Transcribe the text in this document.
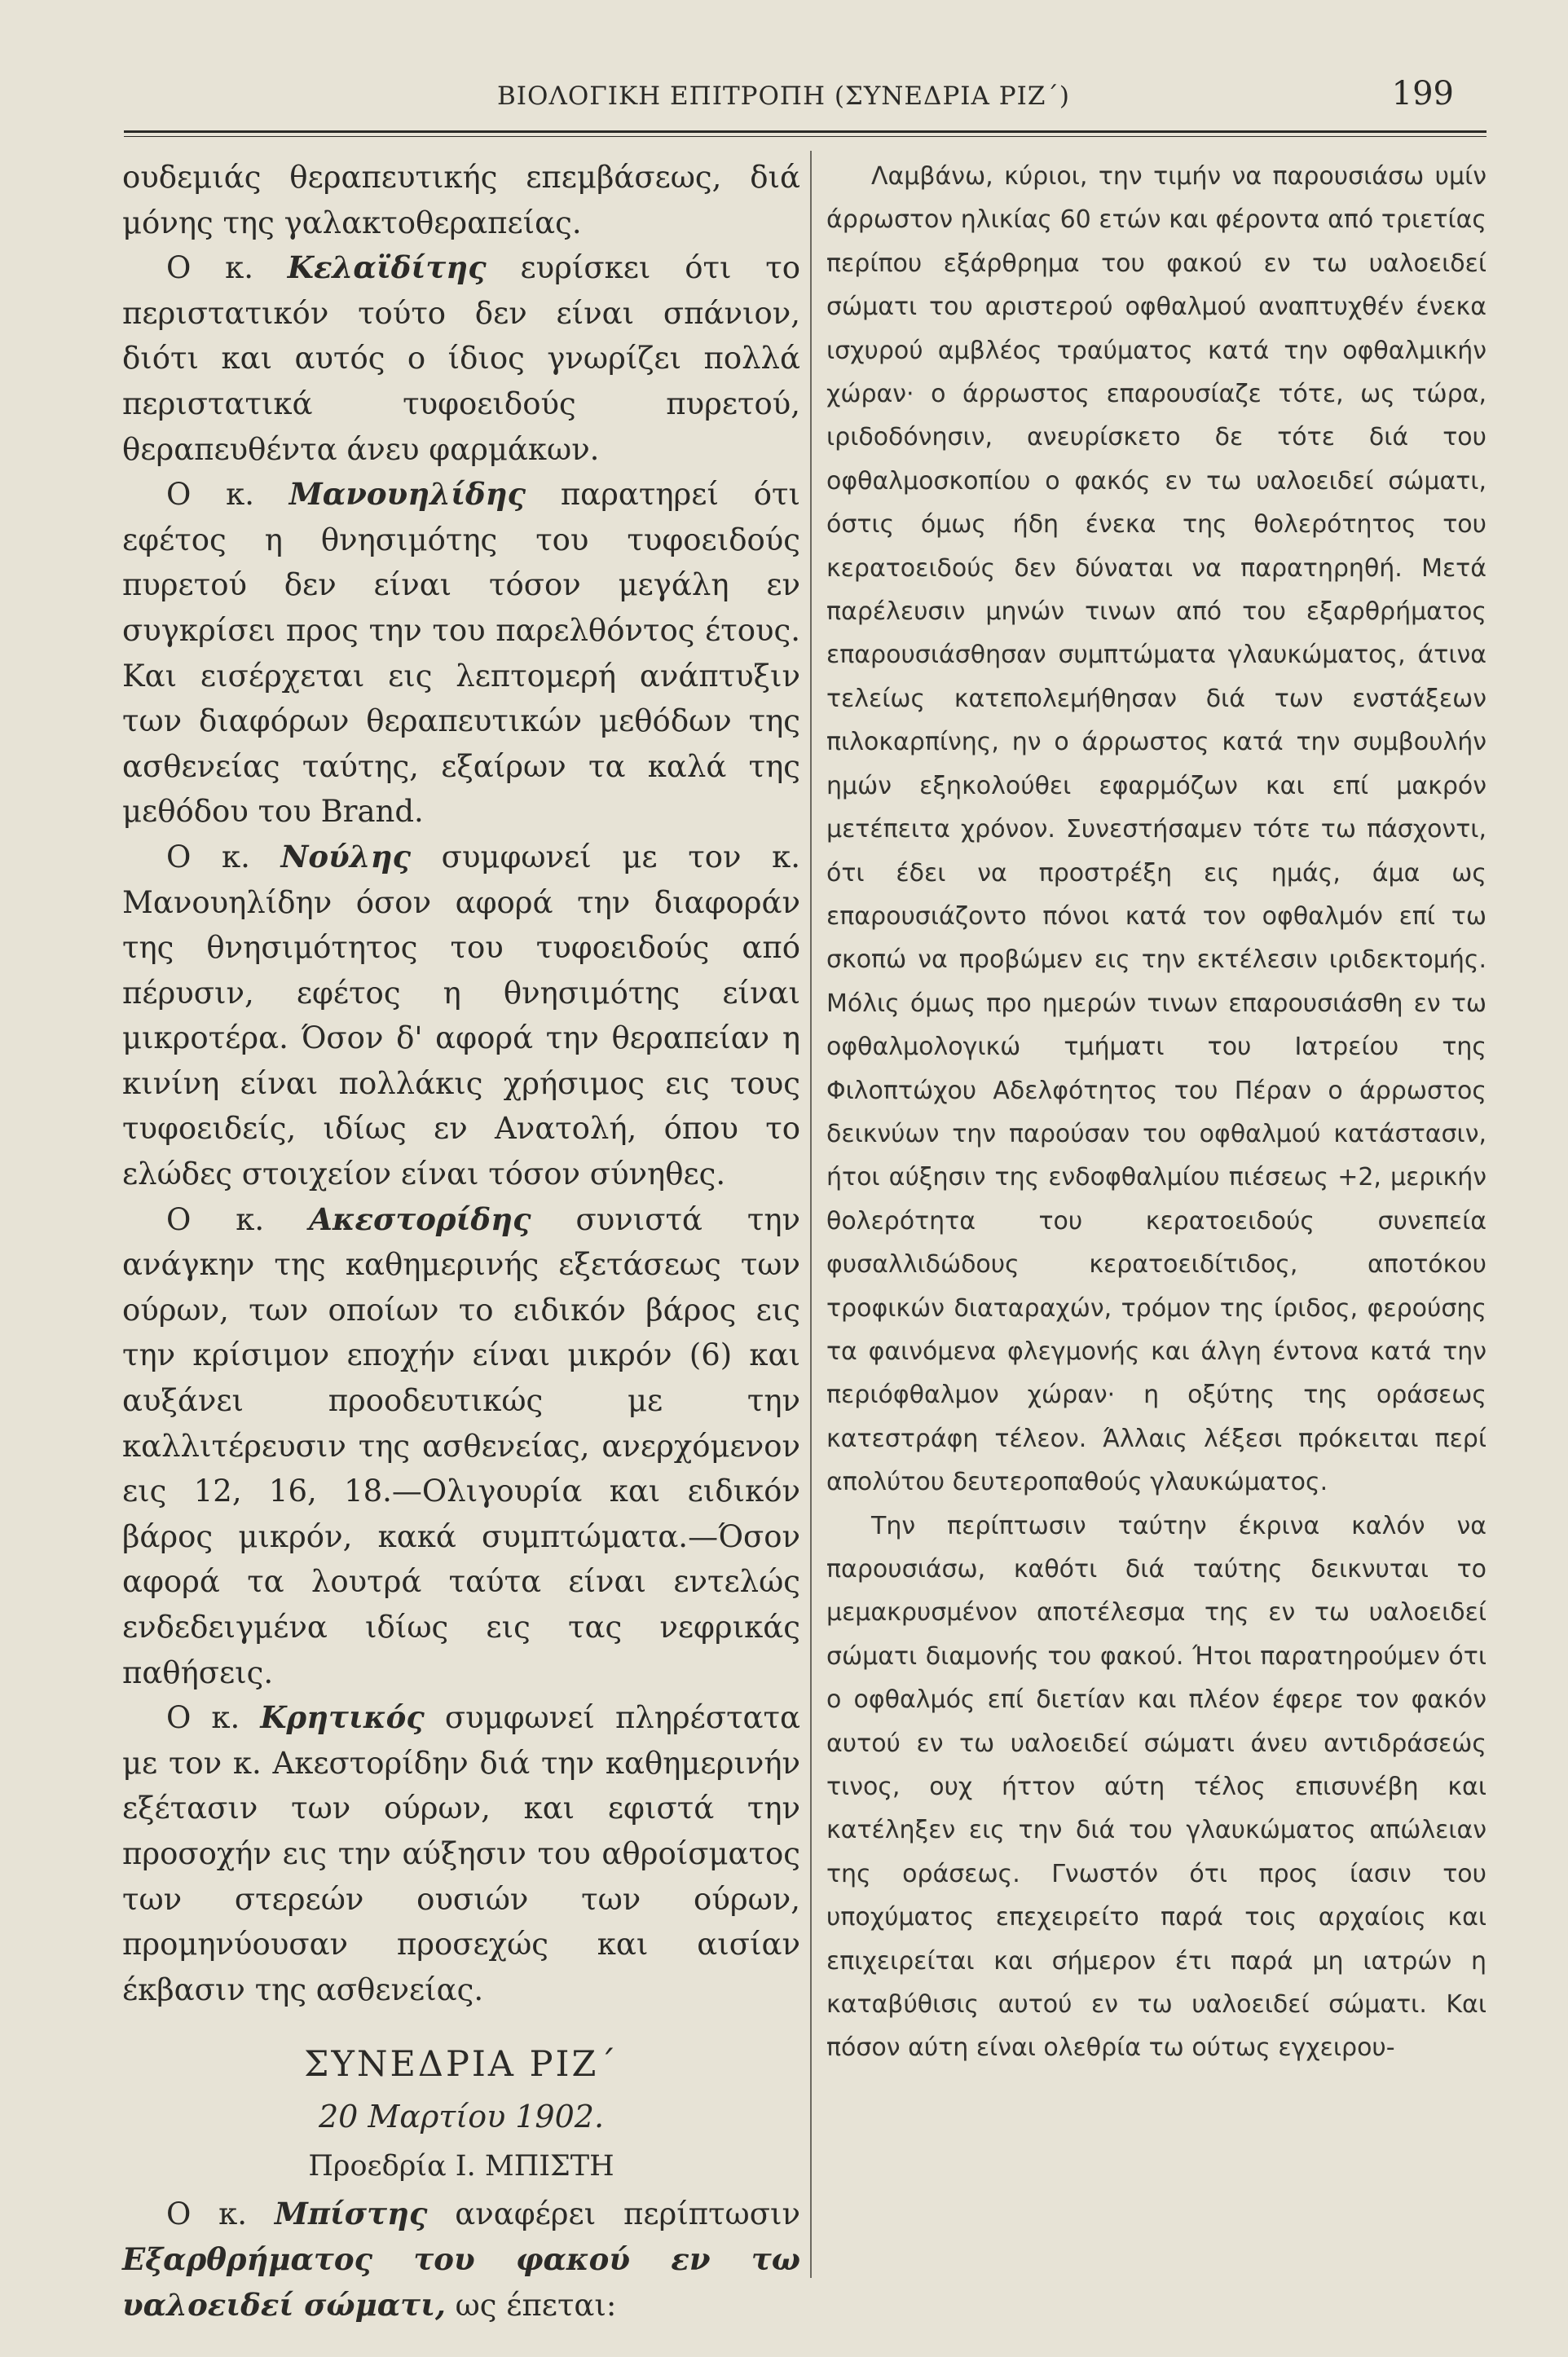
ΒΙΟΛΟΓΙΚΗ ΕΠΙΤΡΟΠΗ (ΣΥΝΕΔΡΙΑ ΡΙΖ΄)	199

ουδεμιάς θεραπευτικής επεμβάσεως, διά μόνης της γαλακτοθεραπείας.

Ο κ. Κελαϊδίτης ευρίσκει ότι το περιστατικόν τούτο δεν είναι σπάνιον, διότι και αυτός ο ίδιος γνωρίζει πολλά περιστατικά τυφοειδούς πυρετού, θεραπευθέντα άνευ φαρμάκων.

Ο κ. Μανουηλίδης παρατηρεί ότι εφέτος η θνησιμότης του τυφοειδούς πυρετού δεν είναι τόσον μεγάλη εν συγκρίσει προς την του παρελθόντος έτους. Και εισέρχεται εις λεπτομερή ανάπτυξιν των διαφόρων θεραπευτικών μεθόδων της ασθενείας ταύτης, εξαίρων τα καλά της μεθόδου του Brand.

Ο κ. Νούλης συμφωνεί με τον κ. Μανουηλίδην όσον αφορά την διαφοράν της θνησιμότητος του τυφοειδούς από πέρυσιν, εφέτος η θνησιμότης είναι μικροτέρα. Όσον δ' αφορά την θεραπείαν η κινίνη είναι πολλάκις χρήσιμος εις τους τυφοειδείς, ιδίως εν Ανατολή, όπου το ελώδες στοιχείον είναι τόσον σύνηθες.

Ο κ. Ακεστορίδης συνιστά την ανάγκην της καθημερινής εξετάσεως των ούρων, των οποίων το ειδικόν βάρος εις την κρίσιμον εποχήν είναι μικρόν (6) και αυξάνει προοδευτικώς με την καλλιτέρευσιν της ασθενείας, ανερχόμενον εις 12, 16, 18.—Ολιγουρία και ειδικόν βάρος μικρόν, κακά συμπτώματα.—Όσον αφορά τα λουτρά ταύτα είναι εντελώς ενδεδειγμένα ιδίως εις τας νεφρικάς παθήσεις.

Ο κ. Κρητικός συμφωνεί πληρέστατα με τον κ. Ακεστορίδην διά την καθημερινήν εξέτασιν των ούρων, και εφιστά την προσοχήν εις την αύξησιν του αθροίσματος των στερεών ουσιών των ούρων, προμηνύουσαν προσεχώς και αισίαν έκβασιν της ασθενείας.

ΣΥΝΕΔΡΙΑ ΡΙΖ΄

20 Μαρτίου 1902.

Προεδρία Ι. ΜΠΙΣΤΗ

Ο κ. Μπίστης αναφέρει περίπτωσιν Εξαρθρήματος του φακού εν τω υαλοειδεί σώματι, ως έπεται:

Λαμβάνω, κύριοι, την τιμήν να παρουσιάσω υμίν άρρωστον ηλικίας 60 ετών και φέροντα από τριετίας περίπου εξάρθρημα του φακού εν τω υαλοειδεί σώματι του αριστερού οφθαλμού αναπτυχθέν ένεκα ισχυρού αμβλέος τραύματος κατά την οφθαλμικήν χώραν· ο άρρωστος επαρουσίαζε τότε, ως τώρα, ιριδοδόνησιν, ανευρίσκετο δε τότε διά του οφθαλμοσκοπίου ο φακός εν τω υαλοειδεί σώματι, όστις όμως ήδη ένεκα της θολερότητος του κερατοειδούς δεν δύναται να παρατηρηθή. Μετά παρέλευσιν μηνών τινων από του εξαρθρήματος επαρουσιάσθησαν συμπτώματα γλαυκώματος, άτινα τελείως κατεπολεμήθησαν διά των ενστάξεων πιλοκαρπίνης, ην ο άρρωστος κατά την συμβουλήν ημών εξηκολούθει εφαρμόζων και επί μακρόν μετέπειτα χρόνον. Συνεστήσαμεν τότε τω πάσχοντι, ότι έδει να προστρέξη εις ημάς, άμα ως επαρουσιάζοντο πόνοι κατά τον οφθαλμόν επί τω σκοπώ να προβώμεν εις την εκτέλεσιν ιριδεκτομής. Μόλις όμως προ ημερών τινων επαρουσιάσθη εν τω οφθαλμολογικώ τμήματι του Ιατρείου της Φιλοπτώχου Αδελφότητος του Πέραν ο άρρωστος δεικνύων την παρούσαν του οφθαλμού κατάστασιν, ήτοι αύξησιν της ενδοφθαλμίου πιέσεως +2, μερικήν θολερότητα του κερατοειδούς συνεπεία φυσαλλιδώδους κερατοειδίτιδος, αποτόκου τροφικών διαταραχών, τρόμον της ίριδος, φερούσης τα φαινόμενα φλεγμονής και άλγη έντονα κατά την περιόφθαλμον χώραν· η οξύτης της οράσεως κατεστράφη τέλεον. Άλλαις λέξεσι πρόκειται περί απολύτου δευτεροπαθούς γλαυκώματος.

Την περίπτωσιν ταύτην έκρινα καλόν να παρουσιάσω, καθότι διά ταύτης δεικνυται το μεμακρυσμένον αποτέλεσμα της εν τω υαλοειδεί σώματι διαμονής του φακού. Ήτοι παρατηρούμεν ότι ο οφθαλμός επί διετίαν και πλέον έφερε τον φακόν αυτού εν τω υαλοειδεί σώματι άνευ αντιδράσεώς τινος, ουχ ήττον αύτη τέλος επισυνέβη και κατέληξεν εις την διά του γλαυκώματος απώλειαν της οράσεως. Γνωστόν ότι προς ίασιν του υποχύματος επεχειρείτο παρά τοις αρχαίοις και επιχειρείται και σήμερον έτι παρά μη ιατρών η καταβύθισις αυτού εν τω υαλοειδεί σώματι. Και πόσον αύτη είναι ολεθρία τω ούτως εγχειρου-
